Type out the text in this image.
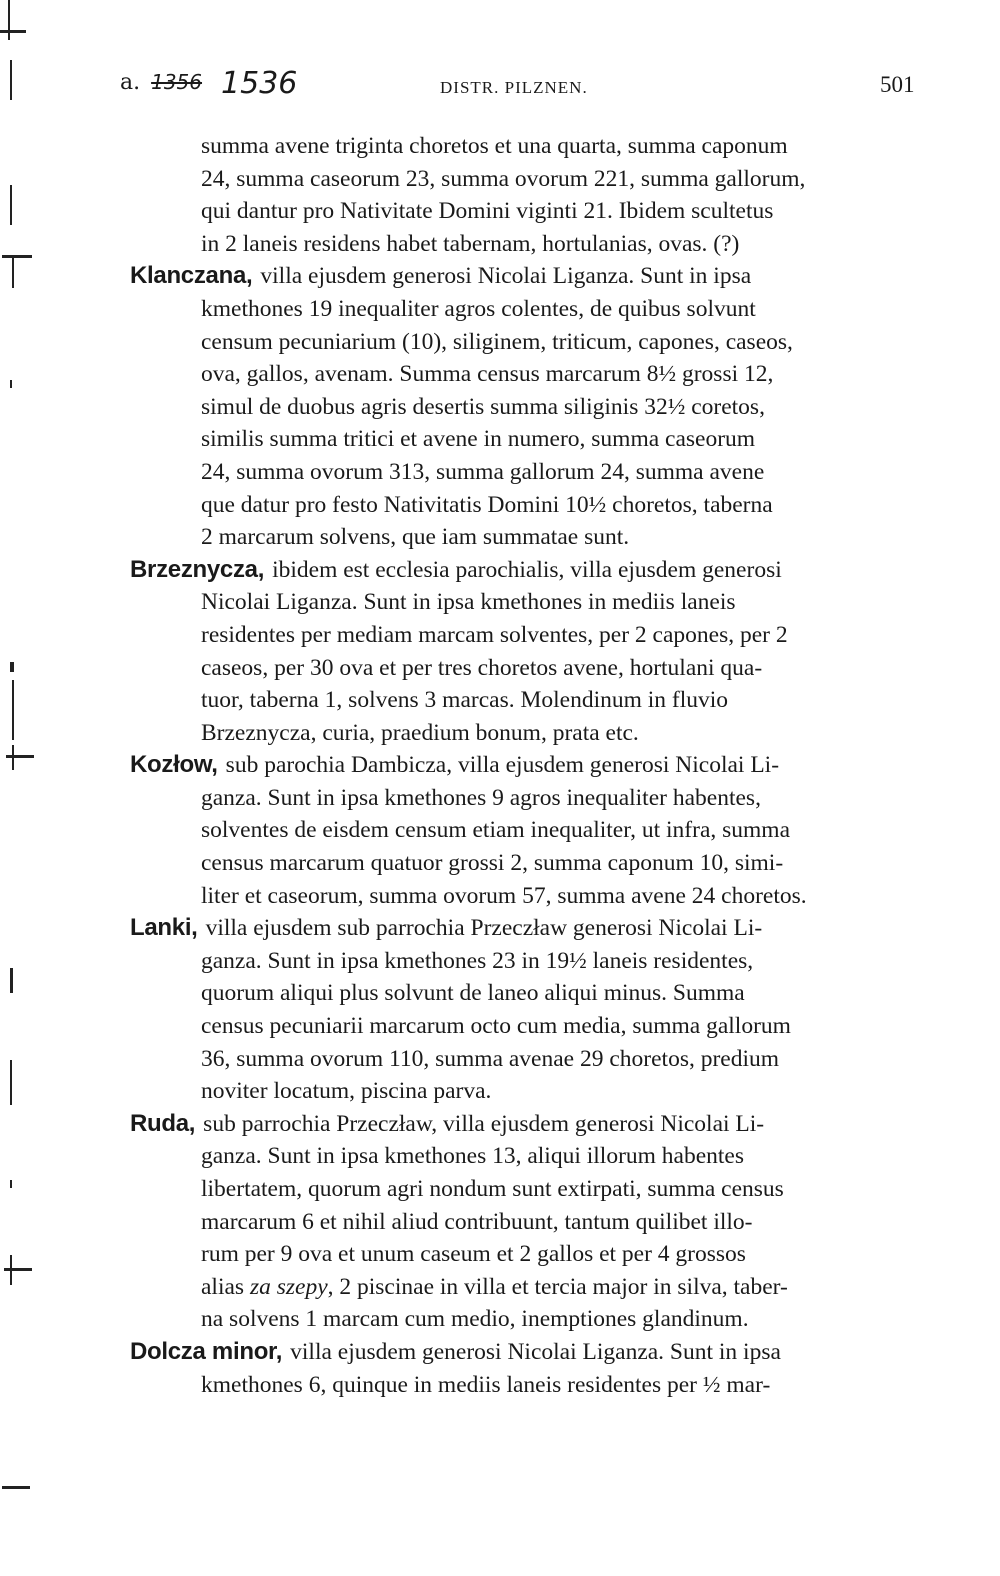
a. 1356 1536	DISTR. PILZNEN.	501
summa avene triginta choretos et una quarta, summa caponum
24, summa caseorum 23, summa ovorum 221, summa gallorum,
qui dantur pro Nativitate Domini viginti 21. Ibidem scultetus
in 2 laneis residens habet tabernam, hortulanias, ovas. (?)
Klanczana, villa ejusdem generosi Nicolai Liganza. Sunt in ipsa
kmethones 19 inequaliter agros colentes, de quibus solvunt
censum pecuniarium (10), siliginem, triticum, capones, caseos,
ova, gallos, avenam. Summa census marcarum 8½ grossi 12,
simul de duobus agris desertis summa siliginis 32½ coretos,
similis summa tritici et avene in numero, summa caseorum
24, summa ovorum 313, summa gallorum 24, summa avene
que datur pro festo Nativitatis Domini 10½ choretos, taberna
2 marcarum solvens, que iam summatae sunt.
Brzeznycza, ibidem est ecclesia parochialis, villa ejusdem generosi
Nicolai Liganza. Sunt in ipsa kmethones in mediis laneis
residentes per mediam marcam solventes, per 2 capones, per 2
caseos, per 30 ova et per tres choretos avene, hortulani qua-
tuor, taberna 1, solvens 3 marcas. Molendinum in fluvio
Brzeznycza, curia, praedium bonum, prata etc.
Kozłow, sub parochia Dambicza, villa ejusdem generosi Nicolai Li-
ganza. Sunt in ipsa kmethones 9 agros inequaliter habentes,
solventes de eisdem censum etiam inequaliter, ut infra, summa
census marcarum quatuor grossi 2, summa caponum 10, simi-
liter et caseorum, summa ovorum 57, summa avene 24 choretos.
Lanki, villa ejusdem sub parrochia Przeczław generosi Nicolai Li-
ganza. Sunt in ipsa kmethones 23 in 19½ laneis residentes,
quorum aliqui plus solvunt de laneo aliqui minus. Summa
census pecuniarii marcarum octo cum media, summa gallorum
36, summa ovorum 110, summa avenae 29 choretos, predium
noviter locatum, piscina parva.
Ruda, sub parrochia Przeczław, villa ejusdem generosi Nicolai Li-
ganza. Sunt in ipsa kmethones 13, aliqui illorum habentes
libertatem, quorum agri nondum sunt extirpati, summa census
marcarum 6 et nihil aliud contribuunt, tantum quilibet illo-
rum per 9 ova et unum caseum et 2 gallos et per 4 grossos
alias za szepy, 2 piscinae in villa et tercia major in silva, taber-
na solvens 1 marcam cum medio, inemptiones glandinum.
Dolcza minor, villa ejusdem generosi Nicolai Liganza. Sunt in ipsa
kmethones 6, quinque in mediis laneis residentes per ½ mar-
